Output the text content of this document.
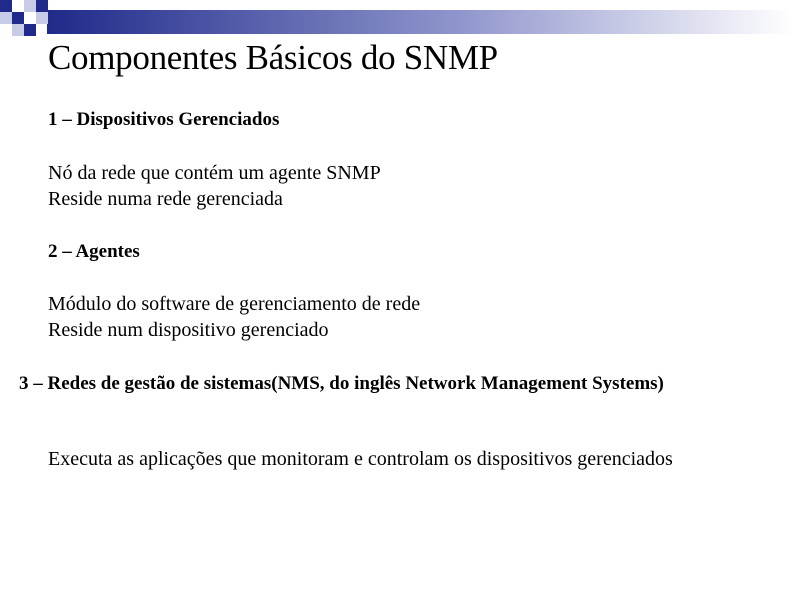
Componentes Básicos do SNMP

1 – Dispositivos Gerenciados

Nó da rede que contém um agente SNMP

Reside numa rede gerenciada

2 – Agentes

Módulo do software de gerenciamento de rede

Reside num dispositivo gerenciado

3 – Redes de gestão de sistemas(NMS, do inglês Network Management Systems)

Executa as aplicações que monitoram e controlam os dispositivos gerenciados
